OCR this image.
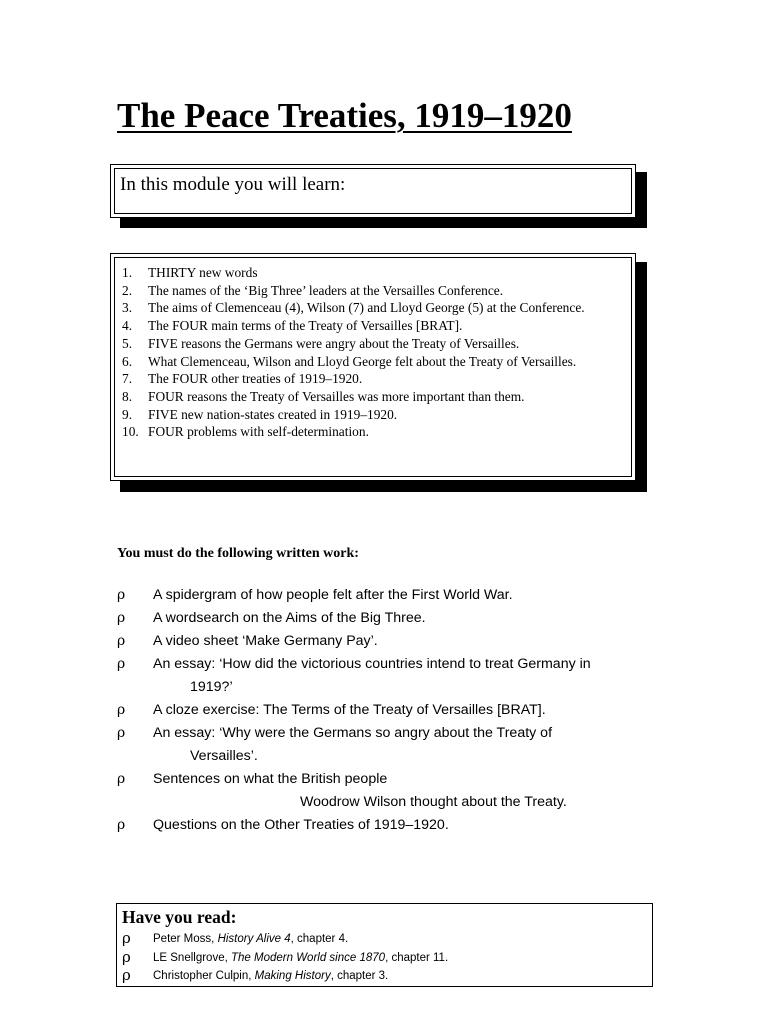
The Peace Treaties, 1919–1920
In this module you will learn:
1.	THIRTY new words
2.	The names of the ‘Big Three’ leaders at the Versailles Conference.
3.	The aims of Clemenceau (4), Wilson (7) and Lloyd George (5) at the Conference.
4.	The FOUR main terms of the Treaty of Versailles [BRAT].
5.	FIVE reasons the Germans were angry about the Treaty of Versailles.
6.	What Clemenceau, Wilson and Lloyd George felt about the Treaty of Versailles.
7.	The FOUR other treaties of 1919–1920.
8.	FOUR reasons the Treaty of Versailles was more important than them.
9.	FIVE new nation-states created in 1919–1920.
10. FOUR problems with self-determination.
You must do the following written work:
ρ A spidergram of how people felt after the First World War.
ρ A wordsearch on the Aims of the Big Three.
ρ A video sheet ‘Make Germany Pay’.
ρ An essay: ‘How did the victorious countries intend to treat Germany in
1919?’
ρ A cloze exercise: The Terms of the Treaty of Versailles [BRAT].
ρ An essay: ‘Why were the Germans so angry about the Treaty of
Versailles’.
ρ Sentences on what the British people
Woodrow Wilson thought about the Treaty.
ρ Questions on the Other Treaties of 1919–1920.
Have you read:
ρ Peter Moss, History Alive 4, chapter 4.
ρ LE Snellgrove, The Modern World since 1870, chapter 11.
ρ Christopher Culpin, Making History, chapter 3.
